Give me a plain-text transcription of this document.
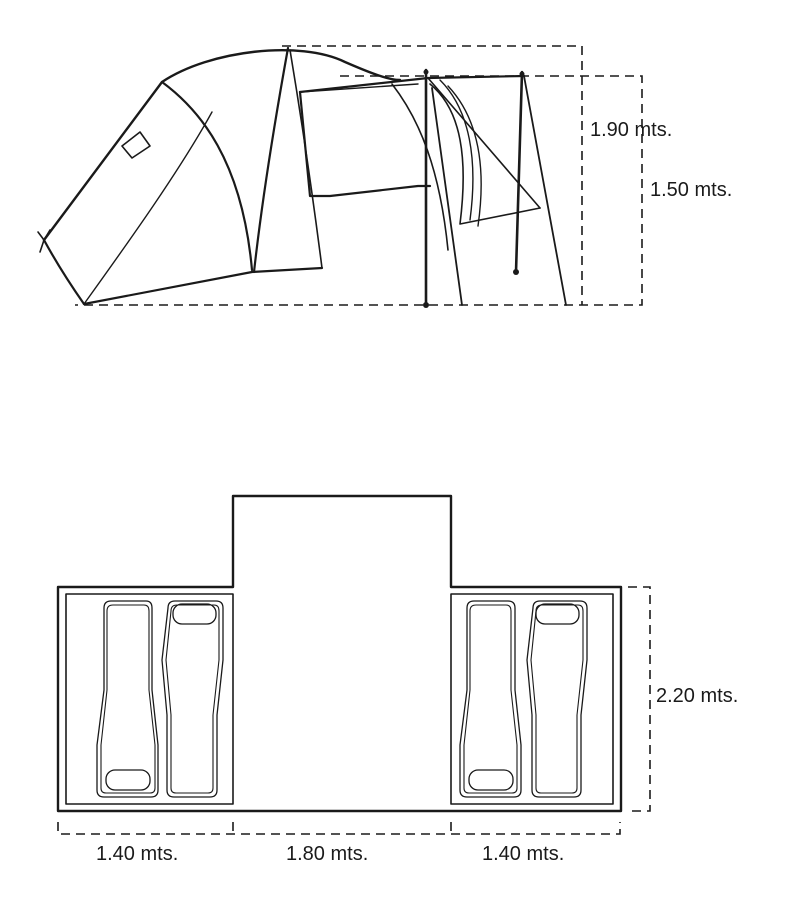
1.90 mts.
1.50 mts.
2.20 mts.
1.40 mts.	1.80 mts.	1.40 mts.
